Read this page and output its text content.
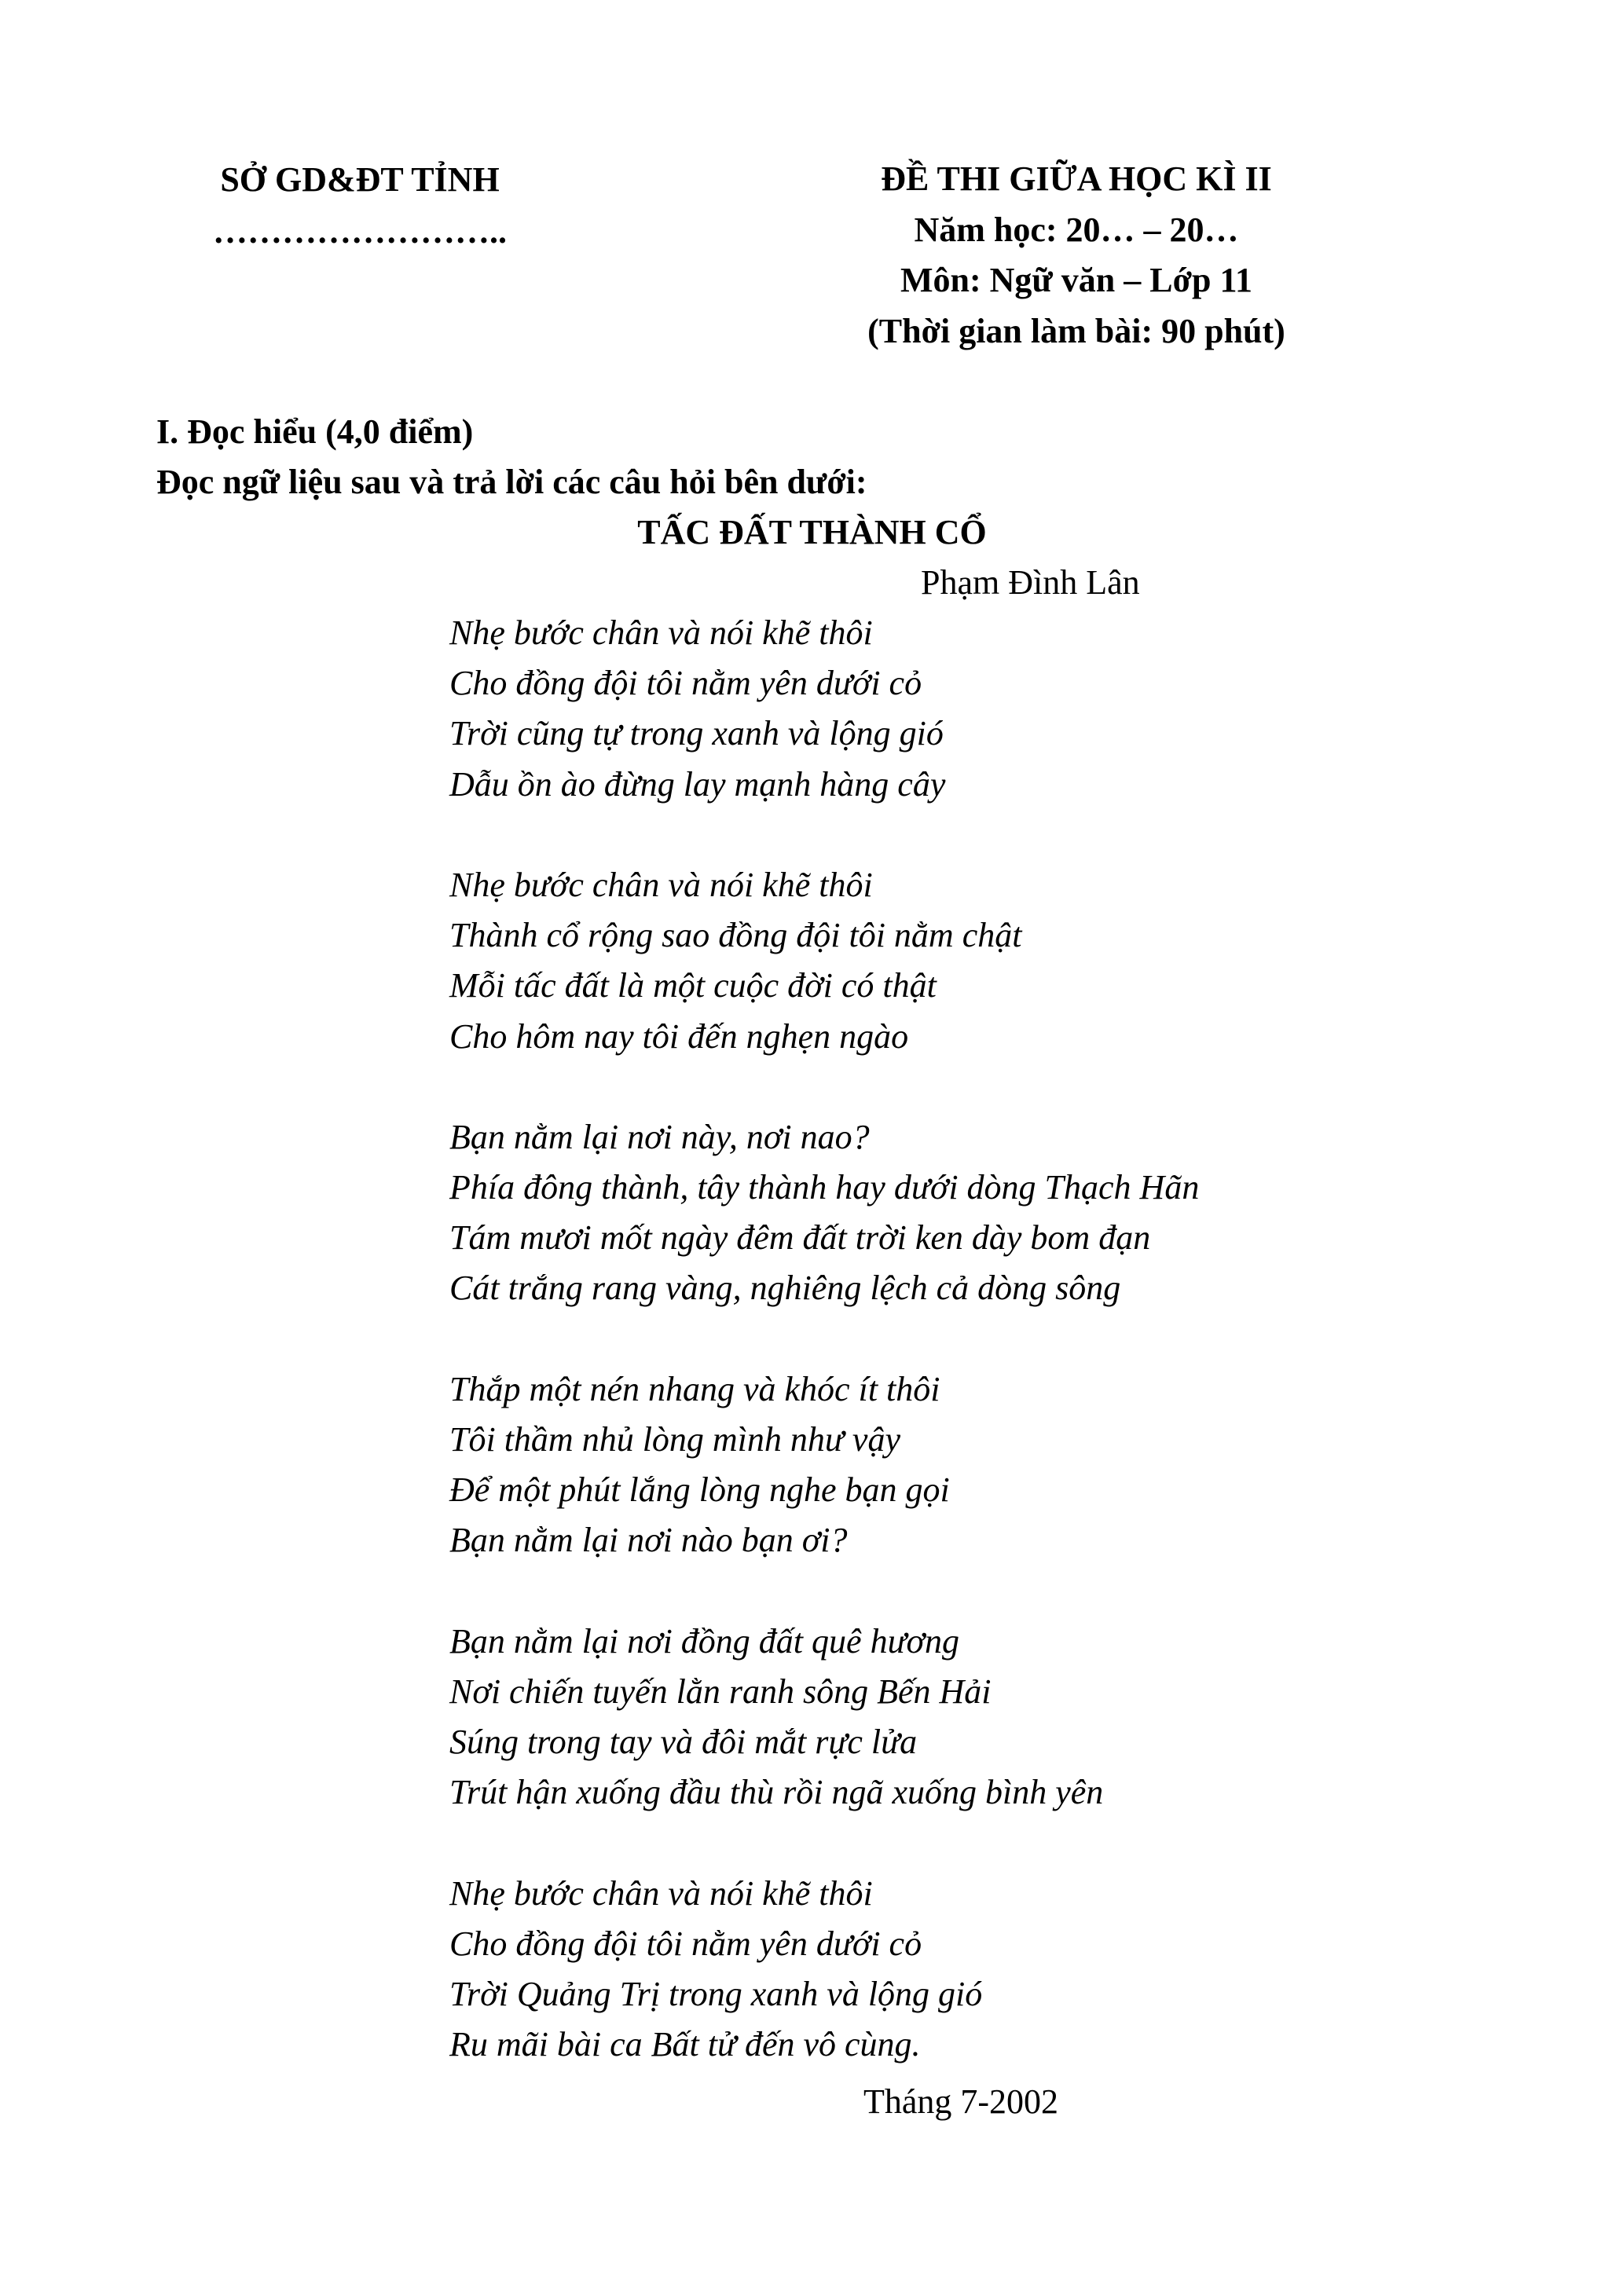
SỞ GD&ĐT TỈNH
……………………..
ĐỀ THI GIỮA HỌC KÌ II
Năm học: 20… – 20…
Môn: Ngữ văn – Lớp 11
(Thời gian làm bài: 90 phút)
I. Đọc hiểu (4,0 điểm)
Đọc ngữ liệu sau và trả lời các câu hỏi bên dưới:
TẤC ĐẤT THÀNH CỔ
Phạm Đình Lân
Nhẹ bước chân và nói khẽ thôi
Cho đồng đội tôi nằm yên dưới cỏ
Trời cũng tự trong xanh và lộng gió
Dẫu ồn ào đừng lay mạnh hàng cây
Nhẹ bước chân và nói khẽ thôi
Thành cổ rộng sao đồng đội tôi nằm chật
Mỗi tấc đất là một cuộc đời có thật
Cho hôm nay tôi đến nghẹn ngào
Bạn nằm lại nơi này, nơi nao?
Phía đông thành, tây thành hay dưới dòng Thạch Hãn
Tám mươi mốt ngày đêm đất trời ken dày bom đạn
Cát trắng rang vàng, nghiêng lệch cả dòng sông
Thắp một nén nhang và khóc ít thôi
Tôi thầm nhủ lòng mình như vậy
Để một phút lắng lòng nghe bạn gọi
Bạn nằm lại nơi nào bạn ơi?
Bạn nằm lại nơi đồng đất quê hương
Nơi chiến tuyến lằn ranh sông Bến Hải
Súng trong tay và đôi mắt rực lửa
Trút hận xuống đầu thù rồi ngã xuống bình yên
Nhẹ bước chân và nói khẽ thôi
Cho đồng đội tôi nằm yên dưới cỏ
Trời Quảng Trị trong xanh và lộng gió
Ru mãi bài ca Bất tử đến vô cùng.
Tháng 7-2002
